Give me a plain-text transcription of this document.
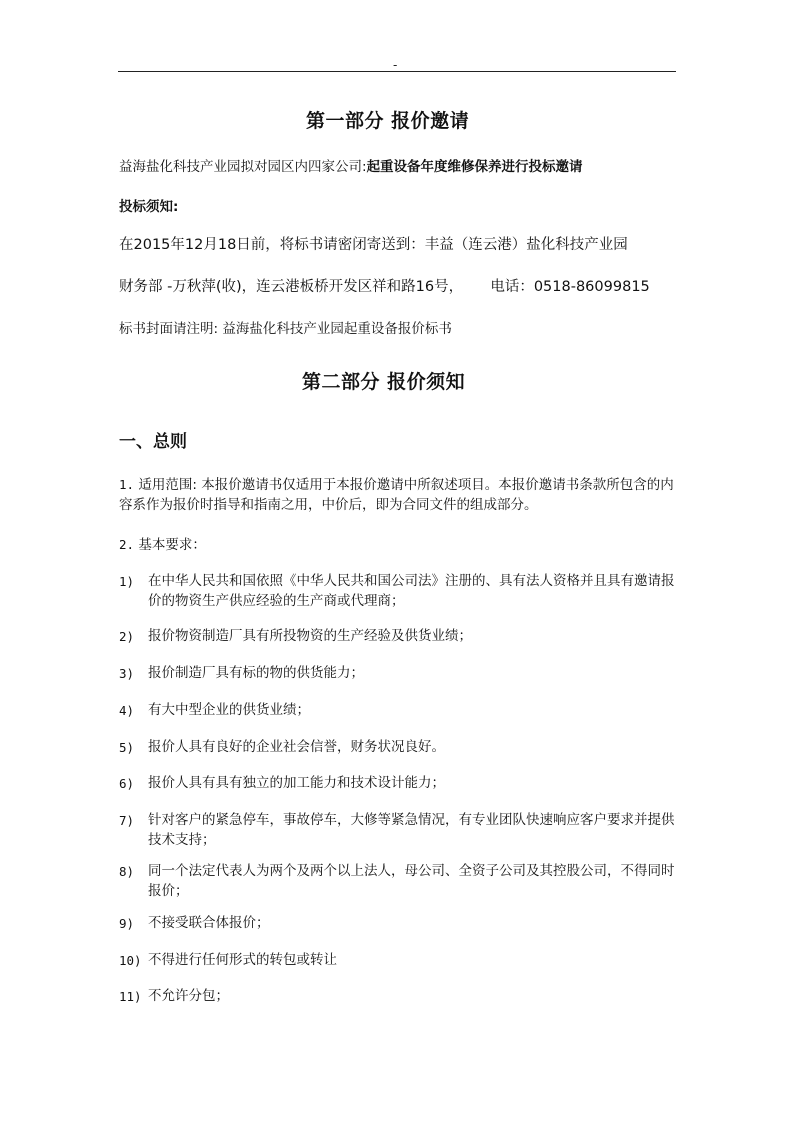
-_
第一部分 报价邀请
益海盐化科技产业园拟对园区内四家公司:起重设备年度维修保养进行投标邀请
投标须知:
在2015年12月18日前，将标书请密闭寄送到：丰益（连云港）盐化科技产业园
财务部 -万秋萍(收)，连云港板桥开发区祥和路16号， 电话：0518-86099815
标书封面请注明: 益海盐化科技产业园起重设备报价标书
第二部分 报价须知
一、总则
1. 适用范围: 本报价邀请书仅适用于本报价邀请中所叙述项目。本报价邀请书条款所包含的内容系作为报价时指导和指南之用，中价后，即为合同文件的组成部分。
2. 基本要求：
1) 在中华人民共和国依照《中华人民共和国公司法》注册的、具有法人资格并且具有邀请报价的物资生产供应经验的生产商或代理商；
2) 报价物资制造厂具有所投物资的生产经验及供货业绩；
3) 报价制造厂具有标的物的供货能力；
4) 有大中型企业的供货业绩；
5) 报价人具有良好的企业社会信誉，财务状况良好。
6) 报价人具有具有独立的加工能力和技术设计能力；
7) 针对客户的紧急停车，事故停车，大修等紧急情况，有专业团队快速响应客户要求并提供技术支持；
8) 同一个法定代表人为两个及两个以上法人，母公司、全资子公司及其控股公司，不得同时报价；
9) 不接受联合体报价；
10) 不得进行任何形式的转包或转让
11) 不允许分包；
